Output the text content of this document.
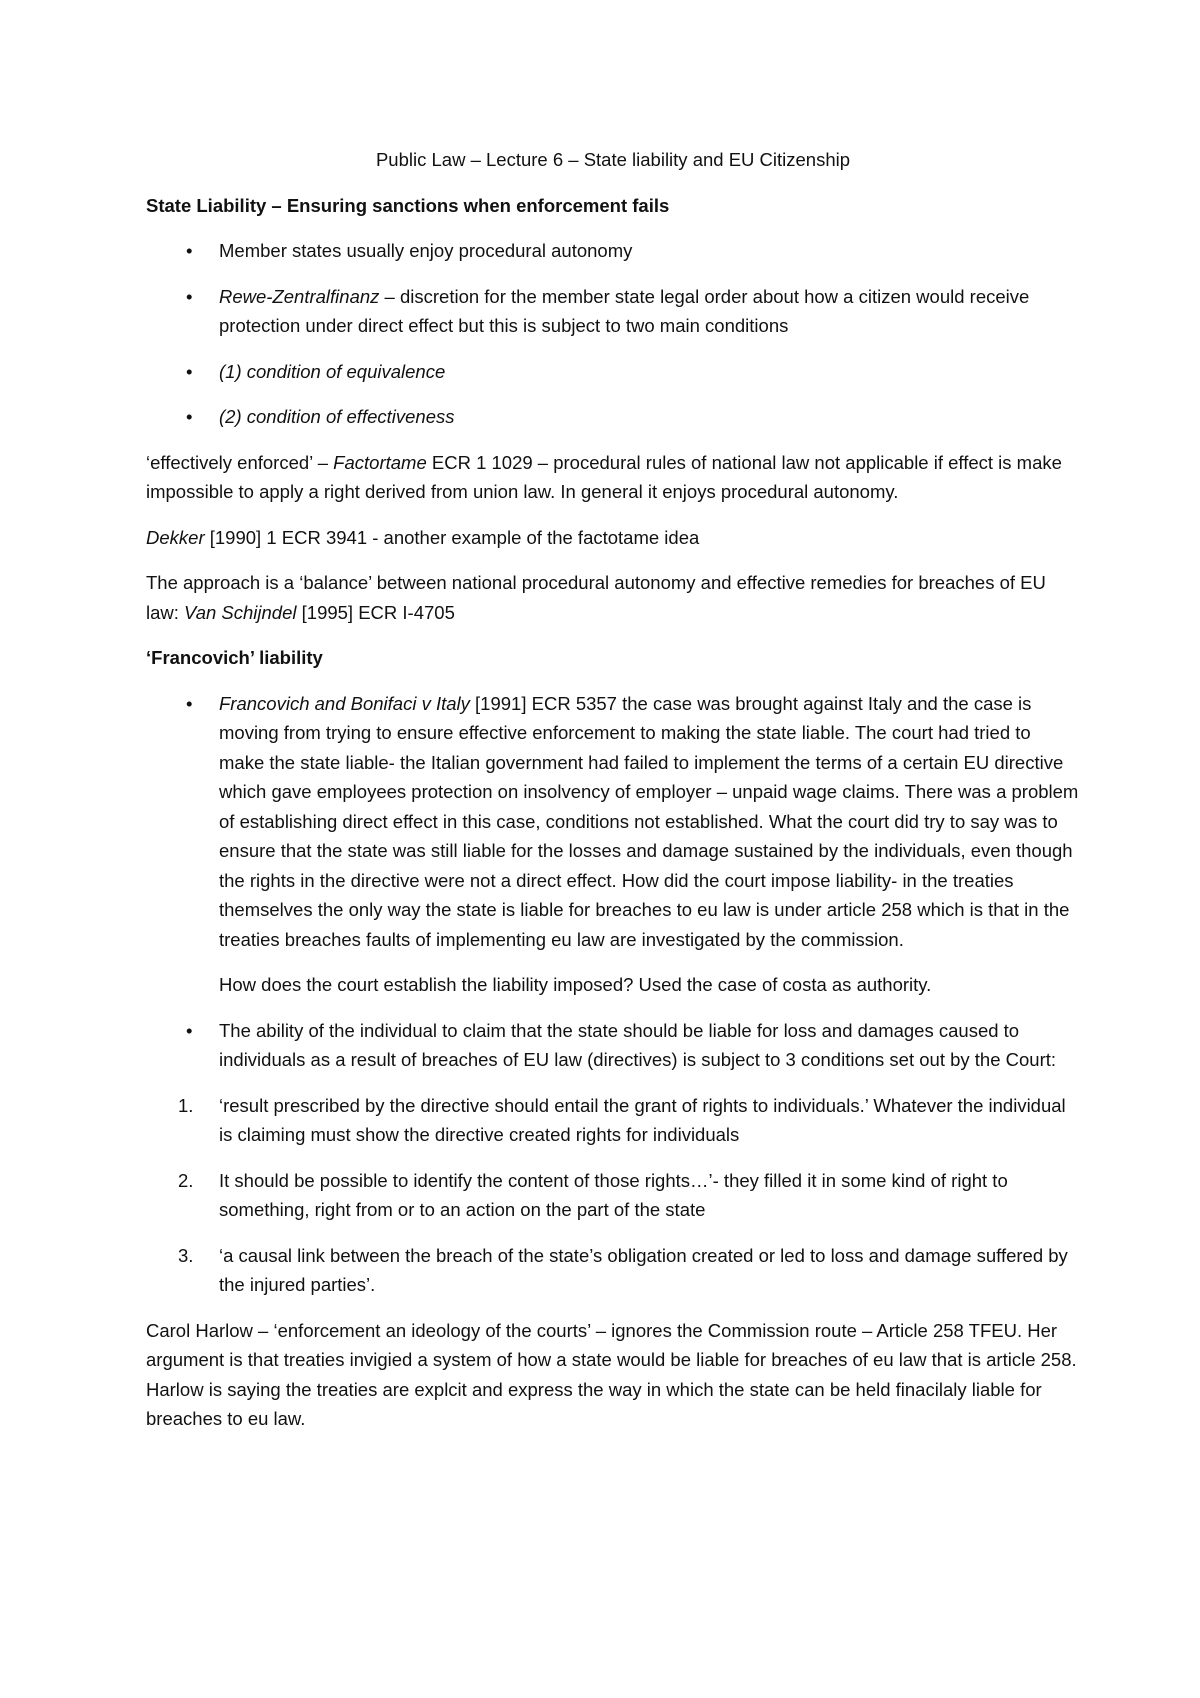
Public Law – Lecture 6 – State liability and EU Citizenship

State Liability – Ensuring sanctions when enforcement fails

• Member states usually enjoy procedural autonomy
• Rewe-Zentralfinanz – discretion for the member state legal order about how a citizen would receive protection under direct effect but this is subject to two main conditions
• (1) condition of equivalence
• (2) condition of effectiveness

‘effectively enforced’ – Factortame ECR 1 1029 – procedural rules of national law not applicable if effect is make impossible to apply a right derived from union law. In general it enjoys procedural autonomy.

Dekker [1990] 1 ECR 3941 - another example of the factotame idea

The approach is a ‘balance’ between national procedural autonomy and effective remedies for breaches of EU law: Van Schijndel [1995] ECR I-4705

‘Francovich’ liability

• Francovich and Bonifaci v Italy [1991] ECR 5357 the case was brought against Italy and the case is moving from trying to ensure effective enforcement to making the state liable. The court had tried to make the state liable- the Italian government had failed to implement the terms of a certain EU directive which gave employees protection on insolvency of employer – unpaid wage claims. There was a problem of establishing direct effect in this case, conditions not established. What the court did try to say was to ensure that the state was still liable for the losses and damage sustained by the individuals, even though the rights in the directive were not a direct effect. How did the court impose liability- in the treaties themselves the only way the state is liable for breaches to eu law is under article 258 which is that in the treaties breaches faults of implementing eu law are investigated by the commission.

How does the court establish the liability imposed? Used the case of costa as authority.

• The ability of the individual to claim that the state should be liable for loss and damages caused to individuals as a result of breaches of EU law (directives) is subject to 3 conditions set out by the Court:
1. ‘result prescribed by the directive should entail the grant of rights to individuals.’ Whatever the individual is claiming must show the directive created rights for individuals
2. It should be possible to identify the content of those rights…’- they filled it in some kind of right to something, right from or to an action on the part of the state
3. ‘a causal link between the breach of the state’s obligation created or led to loss and damage suffered by the injured parties’.

Carol Harlow – ‘enforcement an ideology of the courts’ – ignores the Commission route – Article 258 TFEU. Her argument is that treaties invigied a system of how a state would be liable for breaches of eu law that is article 258. Harlow is saying the treaties are explcit and express the way in which the state can be held finacilaly liable for breaches to eu law.
